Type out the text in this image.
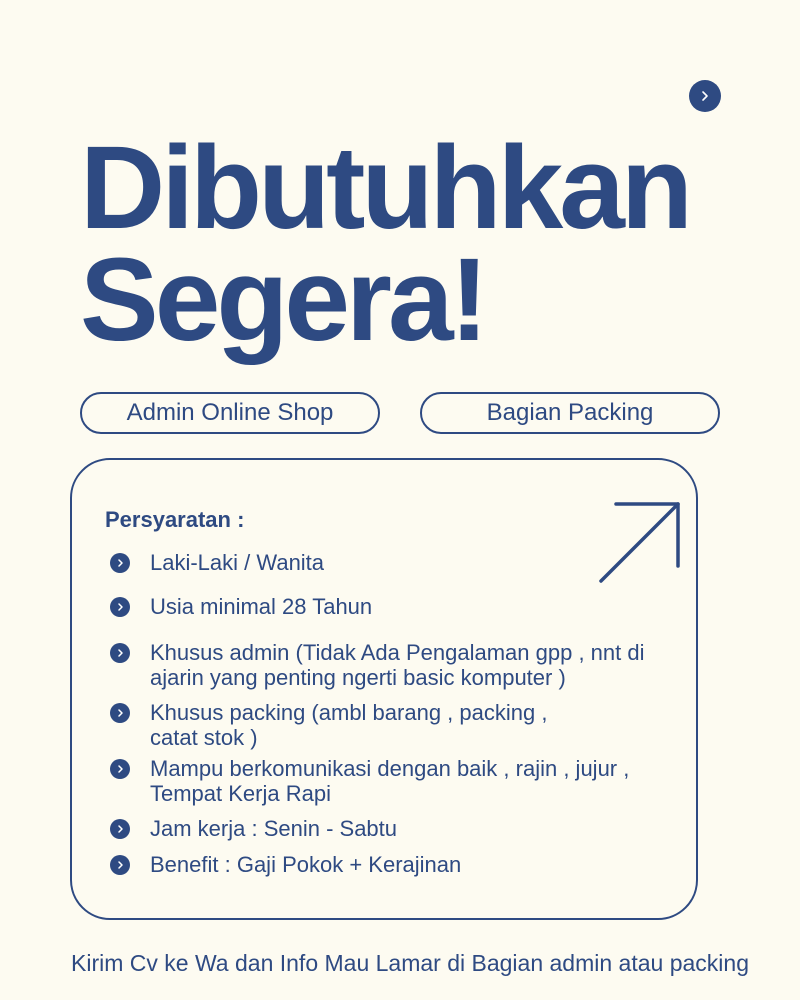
Dibutuhkan
Segera!
Admin Online Shop	Bagian Packing
Persyaratan :
Laki-Laki / Wanita
Usia minimal 28 Tahun
Khusus admin (Tidak Ada Pengalaman gpp , nnt di ajarin yang penting ngerti basic komputer )
Khusus packing (ambl barang , packing , catat stok )
Mampu berkomunikasi dengan baik , rajin , jujur , Tempat Kerja Rapi
Jam kerja : Senin - Sabtu
Benefit : Gaji Pokok + Kerajinan
Kirim Cv ke Wa dan Info Mau Lamar di Bagian admin atau packing
